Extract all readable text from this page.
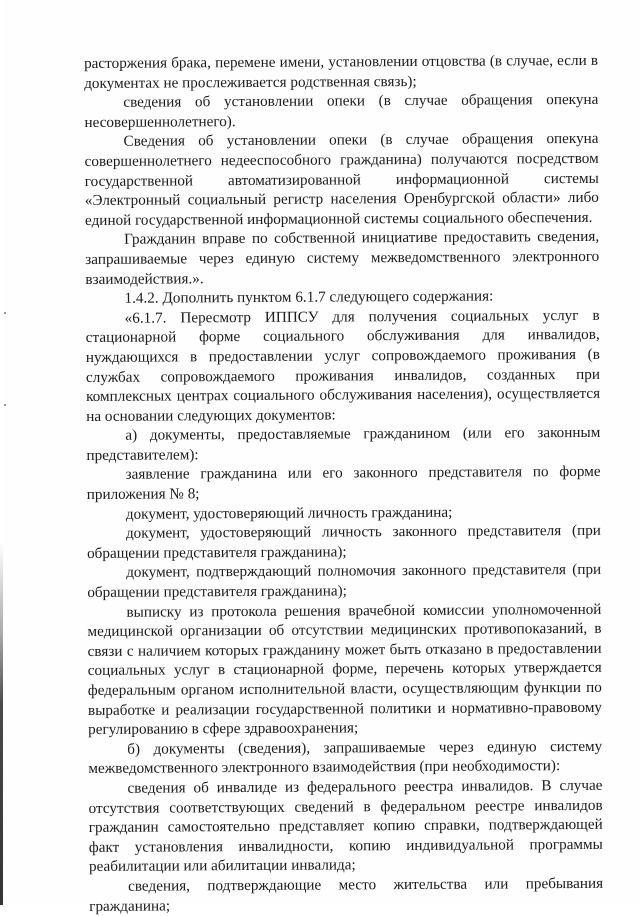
расторжения брака, перемене имени, установлении отцовства (в случае, если в документах не прослеживается родственная связь);

сведения об установлении опеки (в случае обращения опекуна несовершеннолетнего).

Сведения об установлении опеки (в случае обращения опекуна совершеннолетнего недееспособного гражданина) получаются посредством государственной автоматизированной информационной системы «Электронный социальный регистр населения Оренбургской области» либо единой государственной информационной системы социального обеспечения.

Гражданин вправе по собственной инициативе предоставить сведения, запрашиваемые через единую систему межведомственного электронного взаимодействия.».

1.4.2. Дополнить пунктом 6.1.7 следующего содержания:

«6.1.7. Пересмотр ИППСУ для получения социальных услуг в стационарной форме социального обслуживания для инвалидов, нуждающихся в предоставлении услуг сопровождаемого проживания (в службах сопровождаемого проживания инвалидов, созданных при комплексных центрах социального обслуживания населения), осуществляется на основании следующих документов:

а) документы, предоставляемые гражданином (или его законным представителем):

заявление гражданина или его законного представителя по форме приложения № 8;

документ, удостоверяющий личность гражданина;

документ, удостоверяющий личность законного представителя (при обращении представителя гражданина);

документ, подтверждающий полномочия законного представителя (при обращении представителя гражданина);

выписку из протокола решения врачебной комиссии уполномоченной медицинской организации об отсутствии медицинских противопоказаний, в связи с наличием которых гражданину может быть отказано в предоставлении социальных услуг в стационарной форме, перечень которых утверждается федеральным органом исполнительной власти, осуществляющим функции по выработке и реализации государственной политики и нормативно-правовому регулированию в сфере здравоохранения;

б) документы (сведения), запрашиваемые через единую систему межведомственного электронного взаимодействия (при необходимости):

сведения об инвалиде из федерального реестра инвалидов. В случае отсутствия соответствующих сведений в федеральном реестре инвалидов гражданин самостоятельно представляет копию справки, подтверждающей факт установления инвалидности, копию индивидуальной программы реабилитации или абилитации инвалида;

сведения, подтверждающие место жительства или пребывания гражданина;
